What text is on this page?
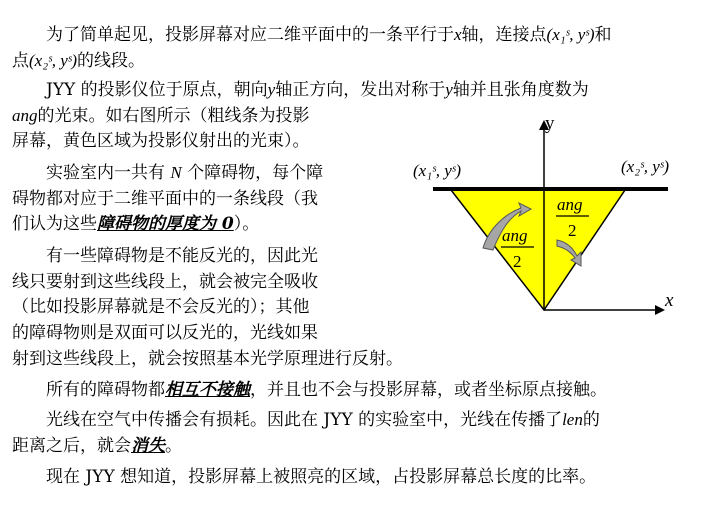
为了简单起见，投影屏幕对应二维平面中的一条平行于x轴，连接点(x₁ˢ, yˢ)和
点(x₂ˢ, yˢ)的线段。
JYY 的投影仪位于原点，朝向y轴正方向，发出对称于y轴并且张角度数为
ang的光束。如右图所示（粗线条为投影
屏幕，黄色区域为投影仪射出的光束）。
实验室内一共有 N 个障碍物，每个障
碍物都对应于二维平面中的一条线段（我
们认为这些障碍物的厚度为 0）。
有一些障碍物是不能反光的，因此光
线只要射到这些线段上，就会被完全吸收
（比如投影屏幕就是不会反光的）；其他
的障碍物则是双面可以反光的，光线如果
射到这些线段上，就会按照基本光学原理进行反射。
所有的障碍物都相互不接触，并且也不会与投影屏幕，或者坐标原点接触。
光线在空气中传播会有损耗。因此在 JYY 的实验室中，光线在传播了len的
距离之后，就会消失。
现在 JYY 想知道，投影屏幕上被照亮的区域，占投影屏幕总长度的比率。
y
x
(x₁ˢ, yˢ)	(x₂ˢ, yˢ)
ang
2
ang
2
